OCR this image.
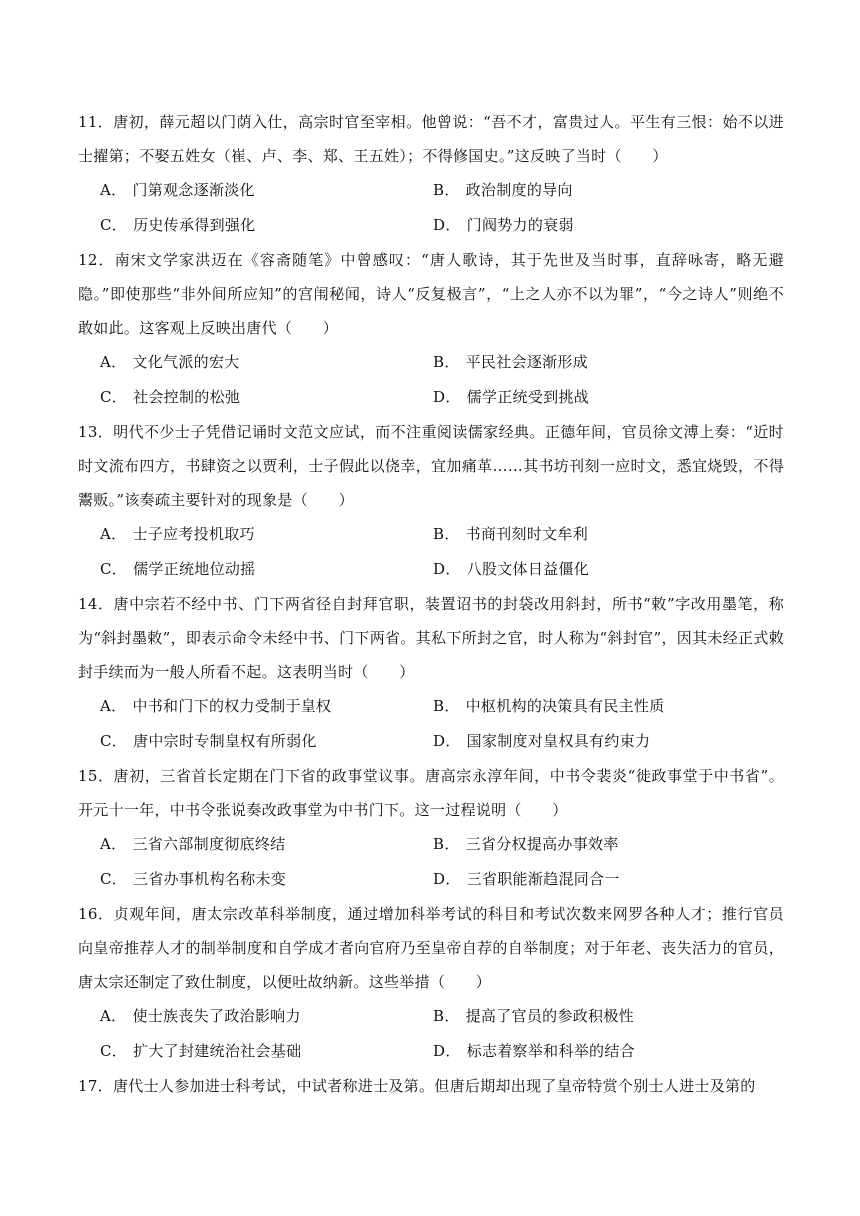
11．唐初，薛元超以门荫入仕，高宗时官至宰相。他曾说：“吾不才，富贵过人。平生有三恨：始不以进士擢第；不娶五姓女（崔、卢、李、郑、王五姓）；不得修国史。”这反映了当时（　　）

A． 门第观念逐渐淡化	B． 政治制度的导向
C． 历史传承得到强化	D． 门阀势力的衰弱

12．南宋文学家洪迈在《容斋随笔》中曾感叹：“唐人歌诗，其于先世及当时事，直辞咏寄，略无避隐。”即使那些“非外间所应知”的宫闱秘闻，诗人“反复极言”，“上之人亦不以为罪”，“今之诗人”则绝不敢如此。这客观上反映出唐代（　　）

A． 文化气派的宏大	B． 平民社会逐渐形成
C． 社会控制的松弛	D． 儒学正统受到挑战

13．明代不少士子凭借记诵时文范文应试，而不注重阅读儒家经典。正德年间，官员徐文溥上奏：“近时时文流布四方，书肆资之以贾利，士子假此以侥幸，宜加痛革……其书坊刊刻一应时文，悉宜烧毁，不得鬻贩。”该奏疏主要针对的现象是（　　）

A． 士子应考投机取巧	B． 书商刊刻时文牟利
C． 儒学正统地位动摇	D． 八股文体日益僵化

14．唐中宗若不经中书、门下两省径自封拜官职，装置诏书的封袋改用斜封，所书“敕”字改用墨笔，称为“斜封墨敕”，即表示命令未经中书、门下两省。其私下所封之官，时人称为“斜封官”，因其未经正式敕封手续而为一般人所看不起。这表明当时（　　）

A． 中书和门下的权力受制于皇权	B． 中枢机构的决策具有民主性质
C． 唐中宗时专制皇权有所弱化	D． 国家制度对皇权具有约束力

15．唐初，三省首长定期在门下省的政事堂议事。唐高宗永淳年间，中书令裴炎“徙政事堂于中书省”。开元十一年，中书令张说奏改政事堂为中书门下。这一过程说明（　　）

A． 三省六部制度彻底终结	B． 三省分权提高办事效率
C． 三省办事机构名称未变	D． 三省职能渐趋混同合一

16．贞观年间，唐太宗改革科举制度，通过增加科举考试的科目和考试次数来网罗各种人才；推行官员向皇帝推荐人才的制举制度和自学成才者向官府乃至皇帝自荐的自举制度；对于年老、丧失活力的官员，唐太宗还制定了致仕制度，以便吐故纳新。这些举措（　　）

A． 使士族丧失了政治影响力	B． 提高了官员的参政积极性
C． 扩大了封建统治社会基础	D． 标志着察举和科举的结合

17．唐代士人参加进士科考试，中试者称进士及第。但唐后期却出现了皇帝特赏个别士人进士及第的
